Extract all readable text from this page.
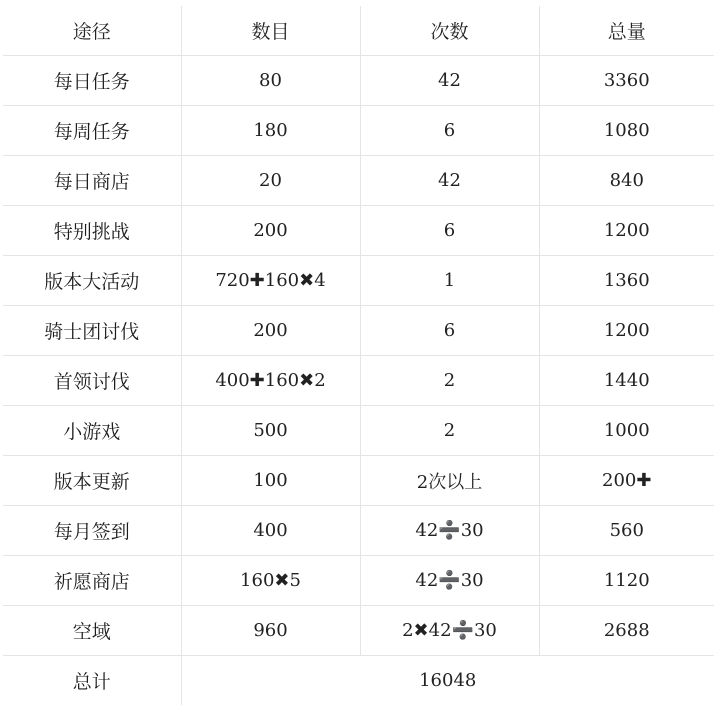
途径	数目	次数	总量
每日任务	80	42	3360
每周任务	180	6	1080
每日商店	20	42	840
特别挑战	200	6	1200
版本大活动	720✚160✖4	1	1360
骑士团讨伐	200	6	1200
首领讨伐	400✚160✖2	2	1440
小游戏	500	2	1000
版本更新	100	2次以上	200✚
每月签到	400	42➗30	560
祈愿商店	160✖5	42➗30	1120
空域	960	2✖42➗30	2688
总计	16048		
